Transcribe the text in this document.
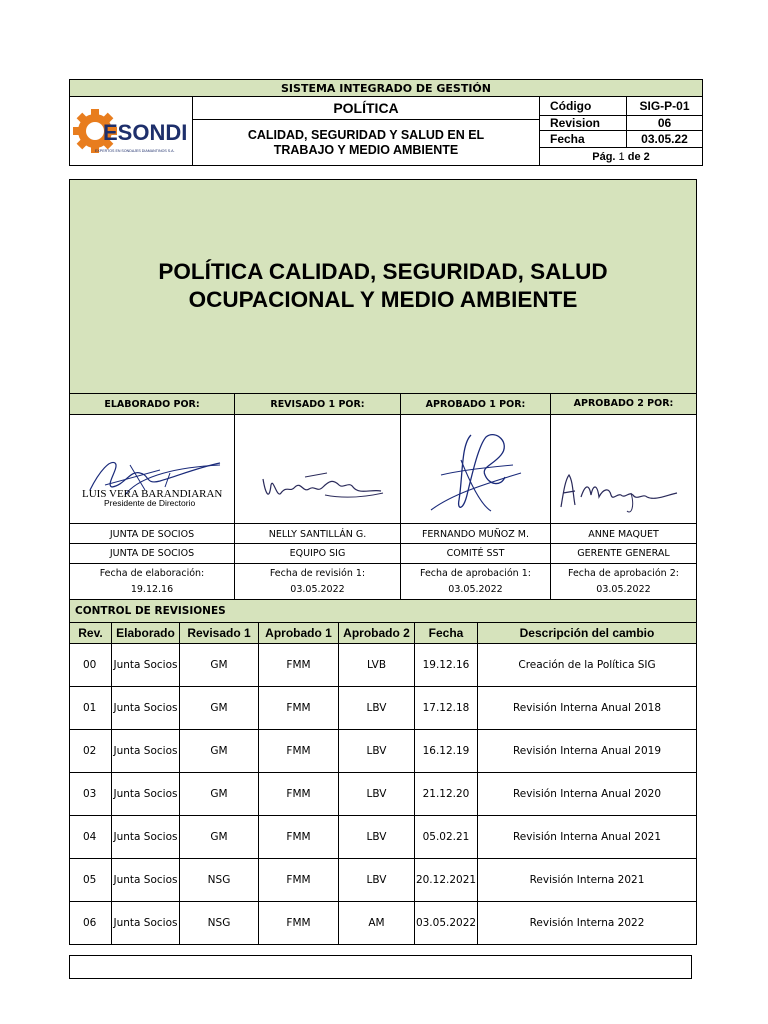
SISTEMA INTEGRADO DE GESTIÓN
ESONDI
EXPERTOS EN SONDAJES DIAMANTINOS S.A.
POLÍTICA
CALIDAD, SEGURIDAD Y SALUD EN EL TRABAJO Y MEDIO AMBIENTE
Código	SIG-P-01
Revision	06
Fecha	03.05.22
Pág.
1
de 2
POLÍTICA CALIDAD, SEGURIDAD, SALUD
OCUPACIONAL Y MEDIO AMBIENTE
ELABORADO POR:	REVISADO 1 POR:	APROBADO 1 POR:	APROBADO 2 POR:
LUIS VERA BARANDIARAN
Presidente de Directorio
JUNTA DE SOCIOS	NELLY SANTILLÁN G.	FERNANDO MUÑOZ M.	ANNE MAQUET
JUNTA DE SOCIOS	EQUIPO SIG	COMITÉ SST	GERENTE GENERAL
Fecha de elaboración:
19.12.16
Fecha de revisión 1:
03.05.2022
Fecha de aprobación 1:
03.05.2022
Fecha de aprobación 2:
03.05.2022
CONTROL DE REVISIONES
Rev.	Elaborado	Revisado 1	Aprobado 1	Aprobado 2	Fecha	Descripción del cambio
00	Junta Socios	GM	FMM	LVB	19.12.16	Creación de la Política SIG
01	Junta Socios	GM	FMM	LBV	17.12.18	Revisión Interna Anual 2018
02	Junta Socios	GM	FMM	LBV	16.12.19	Revisión Interna Anual 2019
03	Junta Socios	GM	FMM	LBV	21.12.20	Revisión Interna Anual 2020
04	Junta Socios	GM	FMM	LBV	05.02.21	Revisión Interna Anual 2021
05	Junta Socios	NSG	FMM	LBV	20.12.2021	Revisión Interna 2021
06	Junta Socios	NSG	FMM	AM	03.05.2022	Revisión Interna 2022
